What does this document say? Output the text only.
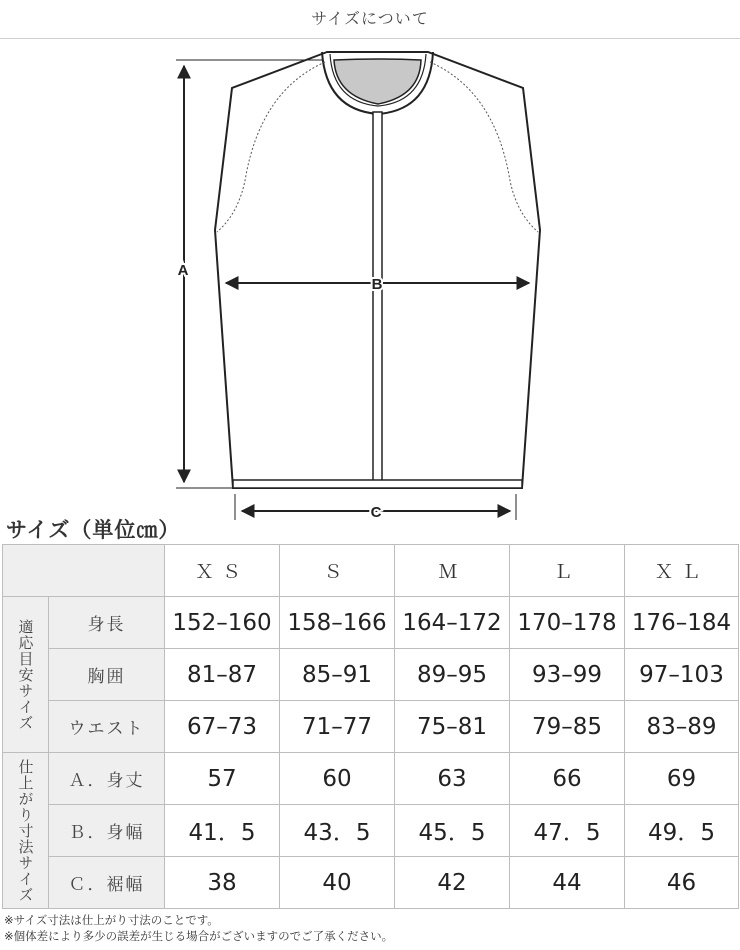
サイズについて
A
B
C
サイズ（単位㎝）
		ＸＳ	Ｓ	Ｍ	Ｌ	ＸＬ
適応目安サイズ	身長	152–160	158–166	164–172	170–178	176–184
	胸囲	81–87	85–91	89–95	93–99	97–103
	ウエスト	67–73	71–77	75–81	79–85	83–89
仕上がり寸法サイズ	Ａ．身丈	57	60	63	66	69
	Ｂ．身幅	41．5	43．5	45．5	47．5	49．5
	Ｃ．裾幅	38	40	42	44	46
※サイズ寸法は仕上がり寸法のことです。
※個体差により多少の誤差が生じる場合がございますのでご了承ください。
